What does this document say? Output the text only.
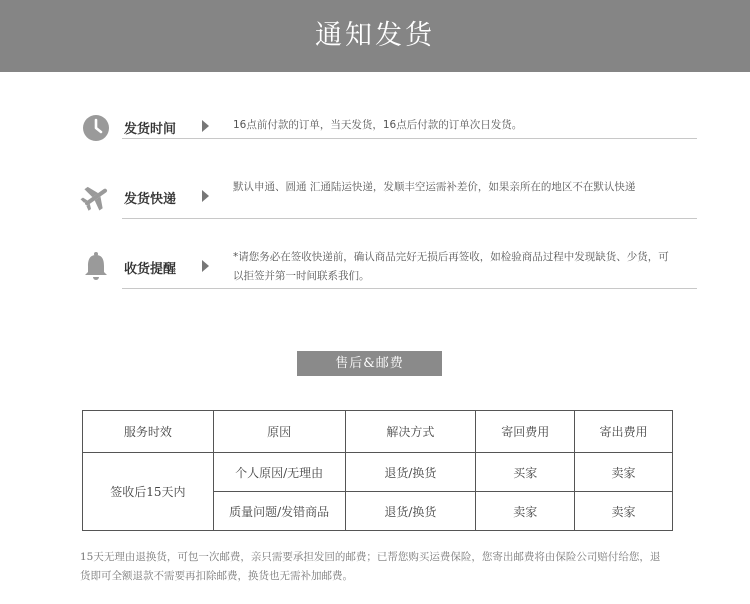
通知发货
发货时间	16点前付款的订单，当天发货，16点后付款的订单次日发货。
发货快递
默认申通、圆通 汇通陆运快递，发顺丰空运需补差价，如果亲所在的地区不在默认快递
收货提醒
*请您务必在签收快递前，确认商品完好无损后再签收，如检验商品过程中发现缺货、少货，可以拒签并第一时间联系我们。
售后&邮费
服务时效	原因	解决方式	寄回费用	寄出费用
签收后15天内	个人原因/无理由	退货/换货	买家	卖家
	质量问题/发错商品	退货/换货	卖家	卖家
15天无理由退换货，可包一次邮费，亲只需要承担发回的邮费；已帮您购买运费保险，您寄出邮费将由保险公司赔付给您，退货即可全额退款不需要再扣除邮费，换货也无需补加邮费。
